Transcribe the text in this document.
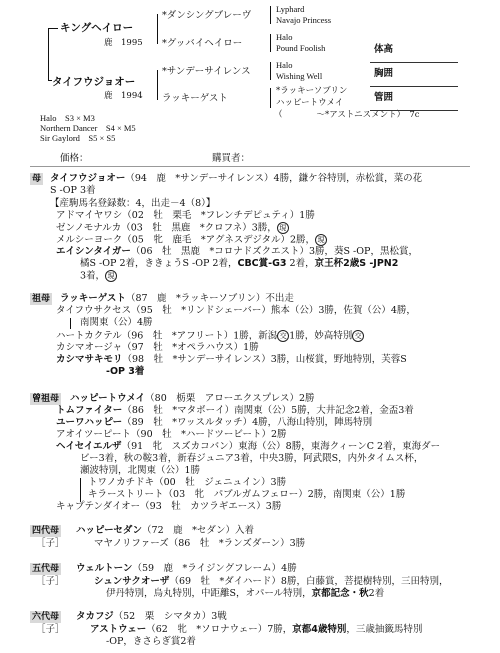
キングヘイロー
鹿　1995
*ダンシングブレーヴ
*グッバイヘイロー
Lyphard
Navajo Princess
Halo
Pound Foolish
タイフウジョオー
鹿　1994
*サンデーサイレンス
ラッキーゲスト
Halo
Wishing Well
*ラッキーソブリン
ハッピートウメイ
（　　　　～*アストニスメント）　7c
体高
胸囲
管囲
Halo　S3 × M3
Northern Dancer　S4 × M5
Sir Gaylord　S5 × S5
価格：	購買者：
母 タイフウジョオー（94　鹿　*サンデーサイレンス）4勝，鎌ケ谷特別，赤松賞，菜の花
S -OP 3着
【産駒馬名登録数：4，出走－4（8）】
アドマイヤワシ（02　牡　栗毛　*フレンチデピュティ）1勝
ゼンノモナルカ（03　牡　黒鹿　*クロフネ）3勝， 現
メルシーヨーク（05　牝　鹿毛　*アグネスデジタル）2勝， 現
エイシンタイガー（06　牡　黒鹿　*コロナドズクエスト）3勝，葵S -OP，黒松賞，
橘S -OP 2着，ききょうS -OP 2着，CBC賞-G3 2着，京王杯2歳S -JPN2
3着， 現
祖母 ラッキーゲスト（87　鹿　*ラッキーソブリン）不出走
タイフウサクセス（95　牡　*リンドシェーバー）熊本（公）3勝，佐賀（公）4勝，
南関東（公）4勝
ハートカクテル（96　牡　*アフリート）1勝，新潟 交 1勝，妙高特別 交
カシマオージャ（97　牡　*オペラハウス）1勝
カシマサキモリ（98　牡　*サンデーサイレンス）3勝，山桜賞，野地特別，芙蓉S
-OP 3着
曾祖母 ハッピートウメイ（80　栃栗　アローエクスプレス）2勝
トムファイター（86　牡　*マタボーイ）南関東（公）5勝，大井記念2着，金盃3着
ユーワハッピー（89　牡　*ワッスルタッチ）4勝，八海山特別，陣馬特別
アオイツーピート（90　牡　*ハードツービート）2勝
ヘイセイエルザ（91　牝　スズカコバン）東海（公）8勝，東海クィーンC 2着，東海ダー
ビー3着，秋の鞍3着，新春ジュニア3着，中央3勝，阿武隈S，内外タイムス杯，
瀬波特別，北関東（公）1勝
トワノカチドキ（00　牡　ジェニュイン）3勝
キラーストリート（03　牝　パブルガムフェロー）2勝，南関東（公）1勝
キャプテンダイオー（93　牡　カツラギエース）3勝
四代母 ハッピーセダン（72　鹿　*セダン）入着
［子］	マヤノリファーズ（86　牡　*ランズダーン）3勝
五代母 ウェルトーン（59　鹿　*ライジングフレーム）4勝
［子］	シュンサクオーザ（69　牡　*ダイハード）8勝，白藤賞，菩提樹特別，三田特別，
伊丹特別，烏丸特別，中距離S，オパール特別，京都記念・秋2着
六代母 タカフジ（52　栗　シマタカ）3戦
［子］	アストウェー（62　牝　*ソロナウェー）7勝，京都4歳特別，三歳抽籤馬特別
-OP，きさらぎ賞2着
